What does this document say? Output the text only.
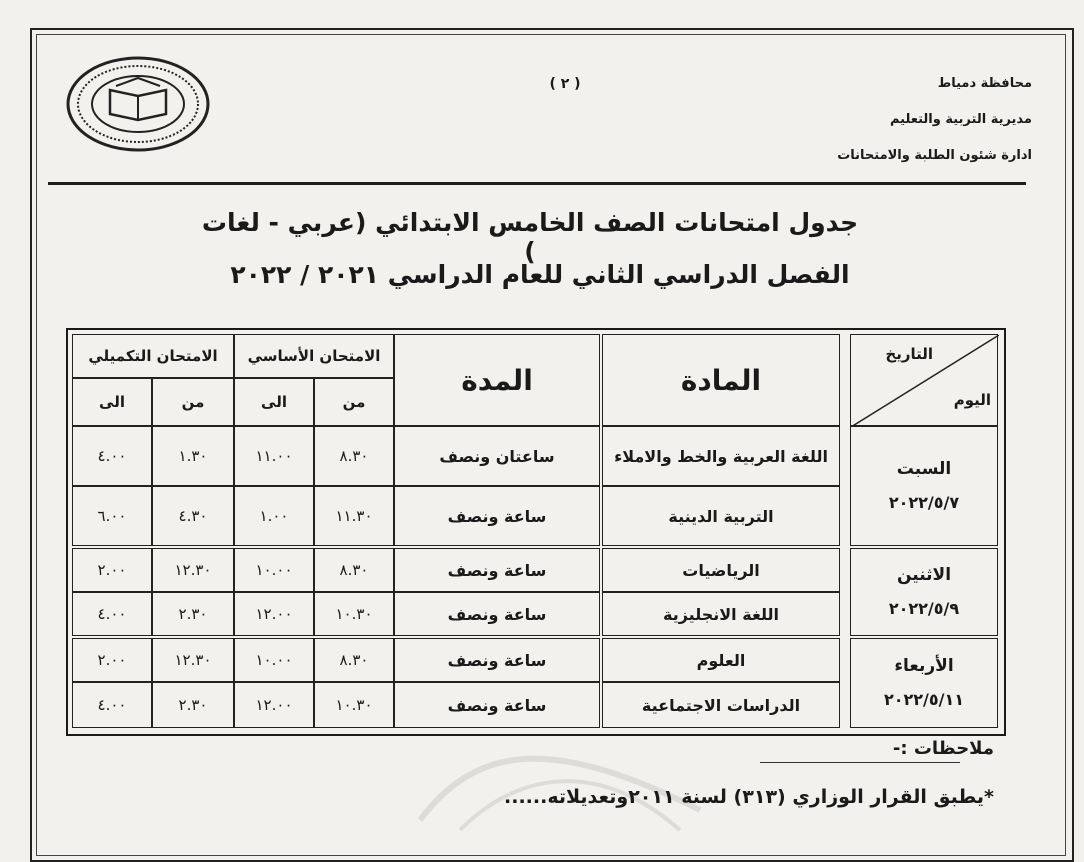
( ٢ )	محافظة دمياط
مديرية التربية والتعليم
ادارة شئون الطلبة والامتحانات
جدول امتحانات الصف الخامس الابتدائي (عربي - لغات )
الفصل الدراسي الثاني للعام الدراسي ٢٠٢١ / ٢٠٢٢
التاريخ
اليوم
المادة
المدة
الامتحان الأساسي
الامتحان التكميلي
من
الى
من
الى
السبت
٢٠٢٢/٥/٧
الاثنين
٢٠٢٢/٥/٩
الأربعاء
٢٠٢٢/٥/١١
اللغة العربية والخط والاملاء
ساعتان ونصف
٨.٣٠
١١.٠٠
١.٣٠
٤.٠٠
التربية الدينية
ساعة ونصف
١١.٣٠
١.٠٠
٤.٣٠
٦.٠٠
الرياضيات
ساعة ونصف
٨.٣٠
١٠.٠٠
١٢.٣٠
٢.٠٠
اللغة الانجليزية
ساعة ونصف
١٠.٣٠
١٢.٠٠
٢.٣٠
٤.٠٠
العلوم
ساعة ونصف
٨.٣٠
١٠.٠٠
١٢.٣٠
٢.٠٠
الدراسات الاجتماعية
ساعة ونصف
١٠.٣٠
١٢.٠٠
٢.٣٠
٤.٠٠
ملاحظات :-
*يطبق القرار الوزاري (٣١٣) لسنة ٢٠١١وتعديلاته......
